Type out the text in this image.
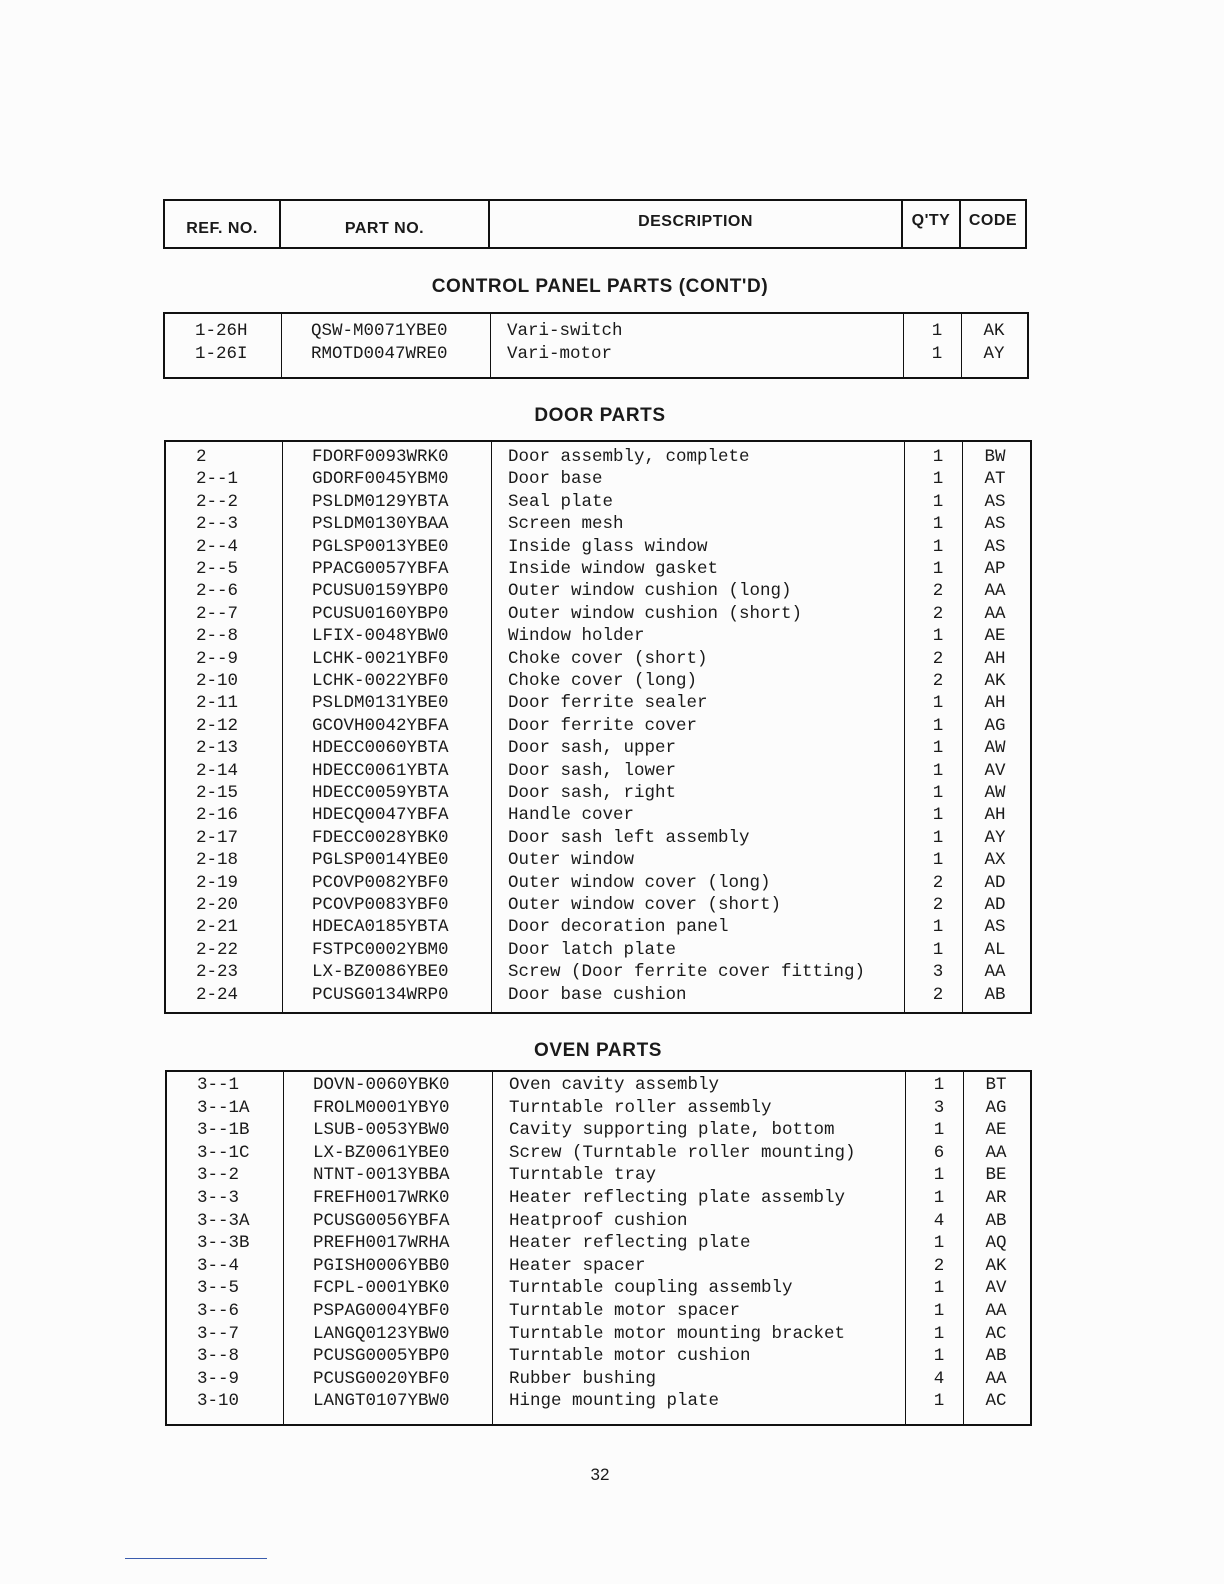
REF. NO.	PART NO.	DESCRIPTION	Q'TY	CODE
CONTROL PANEL PARTS (CONT'D)
1-26H	QSW-M0071YBE0	Vari-switch	1	AK
1-26I	RMOTD0047WRE0	Vari-motor	1	AY
DOOR PARTS
2	FDORF0093WRK0	Door assembly, complete	1	BW
2--1	GDORF0045YBM0	Door base	1	AT
2--2	PSLDM0129YBTA	Seal plate	1	AS
2--3	PSLDM0130YBAA	Screen mesh	1	AS
2--4	PGLSP0013YBE0	Inside glass window	1	AS
2--5	PPACG0057YBFA	Inside window gasket	1	AP
2--6	PCUSU0159YBP0	Outer window cushion (long)	2	AA
2--7	PCUSU0160YBP0	Outer window cushion (short)	2	AA
2--8	LFIX-0048YBW0	Window holder	1	AE
2--9	LCHK-0021YBF0	Choke cover (short)	2	AH
2-10	LCHK-0022YBF0	Choke cover (long)	2	AK
2-11	PSLDM0131YBE0	Door ferrite sealer	1	AH
2-12	GCOVH0042YBFA	Door ferrite cover	1	AG
2-13	HDECC0060YBTA	Door sash, upper	1	AW
2-14	HDECC0061YBTA	Door sash, lower	1	AV
2-15	HDECC0059YBTA	Door sash, right	1	AW
2-16	HDECQ0047YBFA	Handle cover	1	AH
2-17	FDECC0028YBK0	Door sash left assembly	1	AY
2-18	PGLSP0014YBE0	Outer window	1	AX
2-19	PCOVP0082YBF0	Outer window cover (long)	2	AD
2-20	PCOVP0083YBF0	Outer window cover (short)	2	AD
2-21	HDECA0185YBTA	Door decoration panel	1	AS
2-22	FSTPC0002YBM0	Door latch plate	1	AL
2-23	LX-BZ0086YBE0	Screw (Door ferrite cover fitting)	3	AA
2-24	PCUSG0134WRP0	Door base cushion	2	AB
OVEN PARTS
3--1	DOVN-0060YBK0	Oven cavity assembly	1	BT
3--1A	FROLM0001YBY0	Turntable roller assembly	3	AG
3--1B	LSUB-0053YBW0	Cavity supporting plate, bottom	1	AE
3--1C	LX-BZ0061YBE0	Screw (Turntable roller mounting)	6	AA
3--2	NTNT-0013YBBA	Turntable tray	1	BE
3--3	FREFH0017WRK0	Heater reflecting plate assembly	1	AR
3--3A	PCUSG0056YBFA	Heatproof cushion	4	AB
3--3B	PREFH0017WRHA	Heater reflecting plate	1	AQ
3--4	PGISH0006YBB0	Heater spacer	2	AK
3--5	FCPL-0001YBK0	Turntable coupling assembly	1	AV
3--6	PSPAG0004YBF0	Turntable motor spacer	1	AA
3--7	LANGQ0123YBW0	Turntable motor mounting bracket	1	AC
3--8	PCUSG0005YBP0	Turntable motor cushion	1	AB
3--9	PCUSG0020YBF0	Rubber bushing	4	AA
3-10	LANGT0107YBW0	Hinge mounting plate	1	AC
32
